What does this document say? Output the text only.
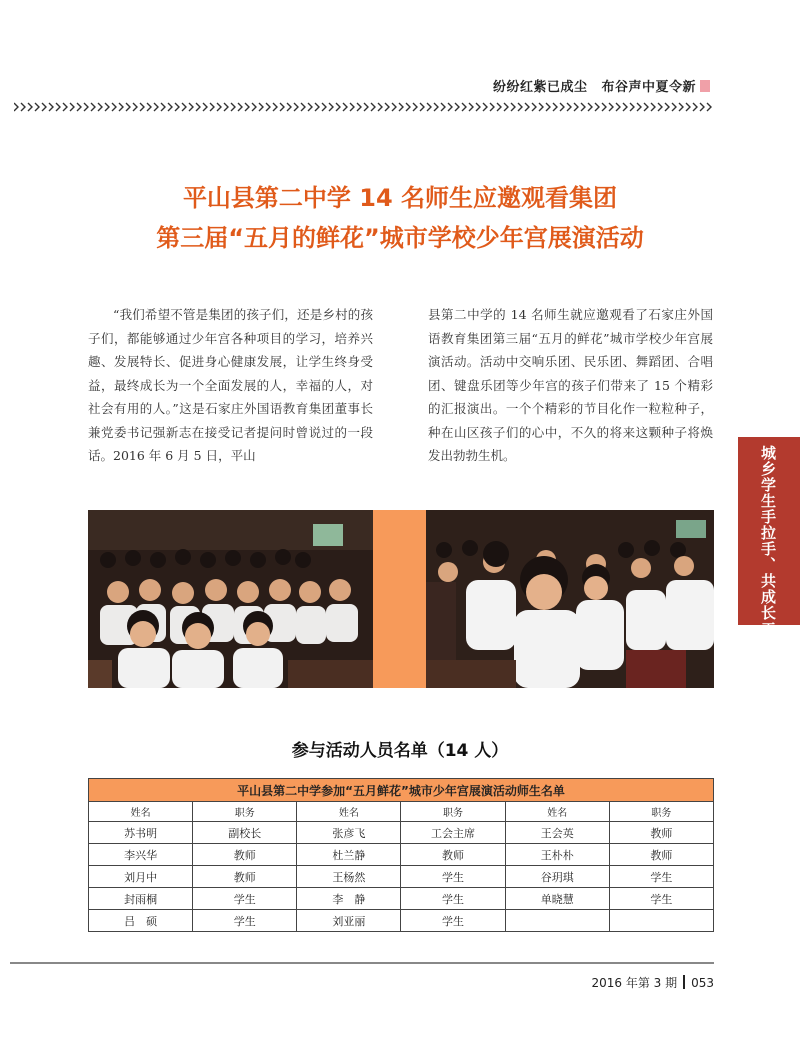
纷纷红紫已成尘 布谷声中夏令新
平山县第二中学 14 名师生应邀观看集团
第三届“五月的鲜花”城市学校少年宫展演活动

“我们希望不管是集团的孩子们，还是乡村的孩子们，都能够通过少年宫各种项目的学习，培养兴趣、发展特长、促进身心健康发展，让学生终身受益，最终成长为一个全面发展的人，幸福的人，对社会有用的人。”这是石家庄外国语教育集团董事长兼党委书记强新志在接受记者提问时曾说过的一段话。2016 年 6 月 5 日，平山

县第二中学的 14 名师生就应邀观看了石家庄外国语教育集团第三届“五月的鲜花”城市学校少年宫展演活动。活动中交响乐团、民乐团、舞蹈团、合唱团、键盘乐团等少年宫的孩子们带来了 15 个精彩的汇报演出。一个个精彩的节目化作一粒粒种子，种在山区孩子们的心中，不久的将来这颗种子将焕发出勃勃生机。	城乡学生手拉手、共成长工程
参与活动人员名单（14 人）
平山县第二中学参加“五月鲜花”城市少年宫展演活动师生名单					
姓名	职务	姓名	职务	姓名	职务
苏书明	副校长	张彦飞	工会主席	王会英	教师
李兴华	教师	杜兰静	教师	王朴朴	教师
刘月中	教师	王杨然	学生	谷玥琪	学生
封雨桐	学生	李　静	学生	单晓慧	学生
吕　硕	学生	刘亚丽	学生		
2016 年第 3 期 053
